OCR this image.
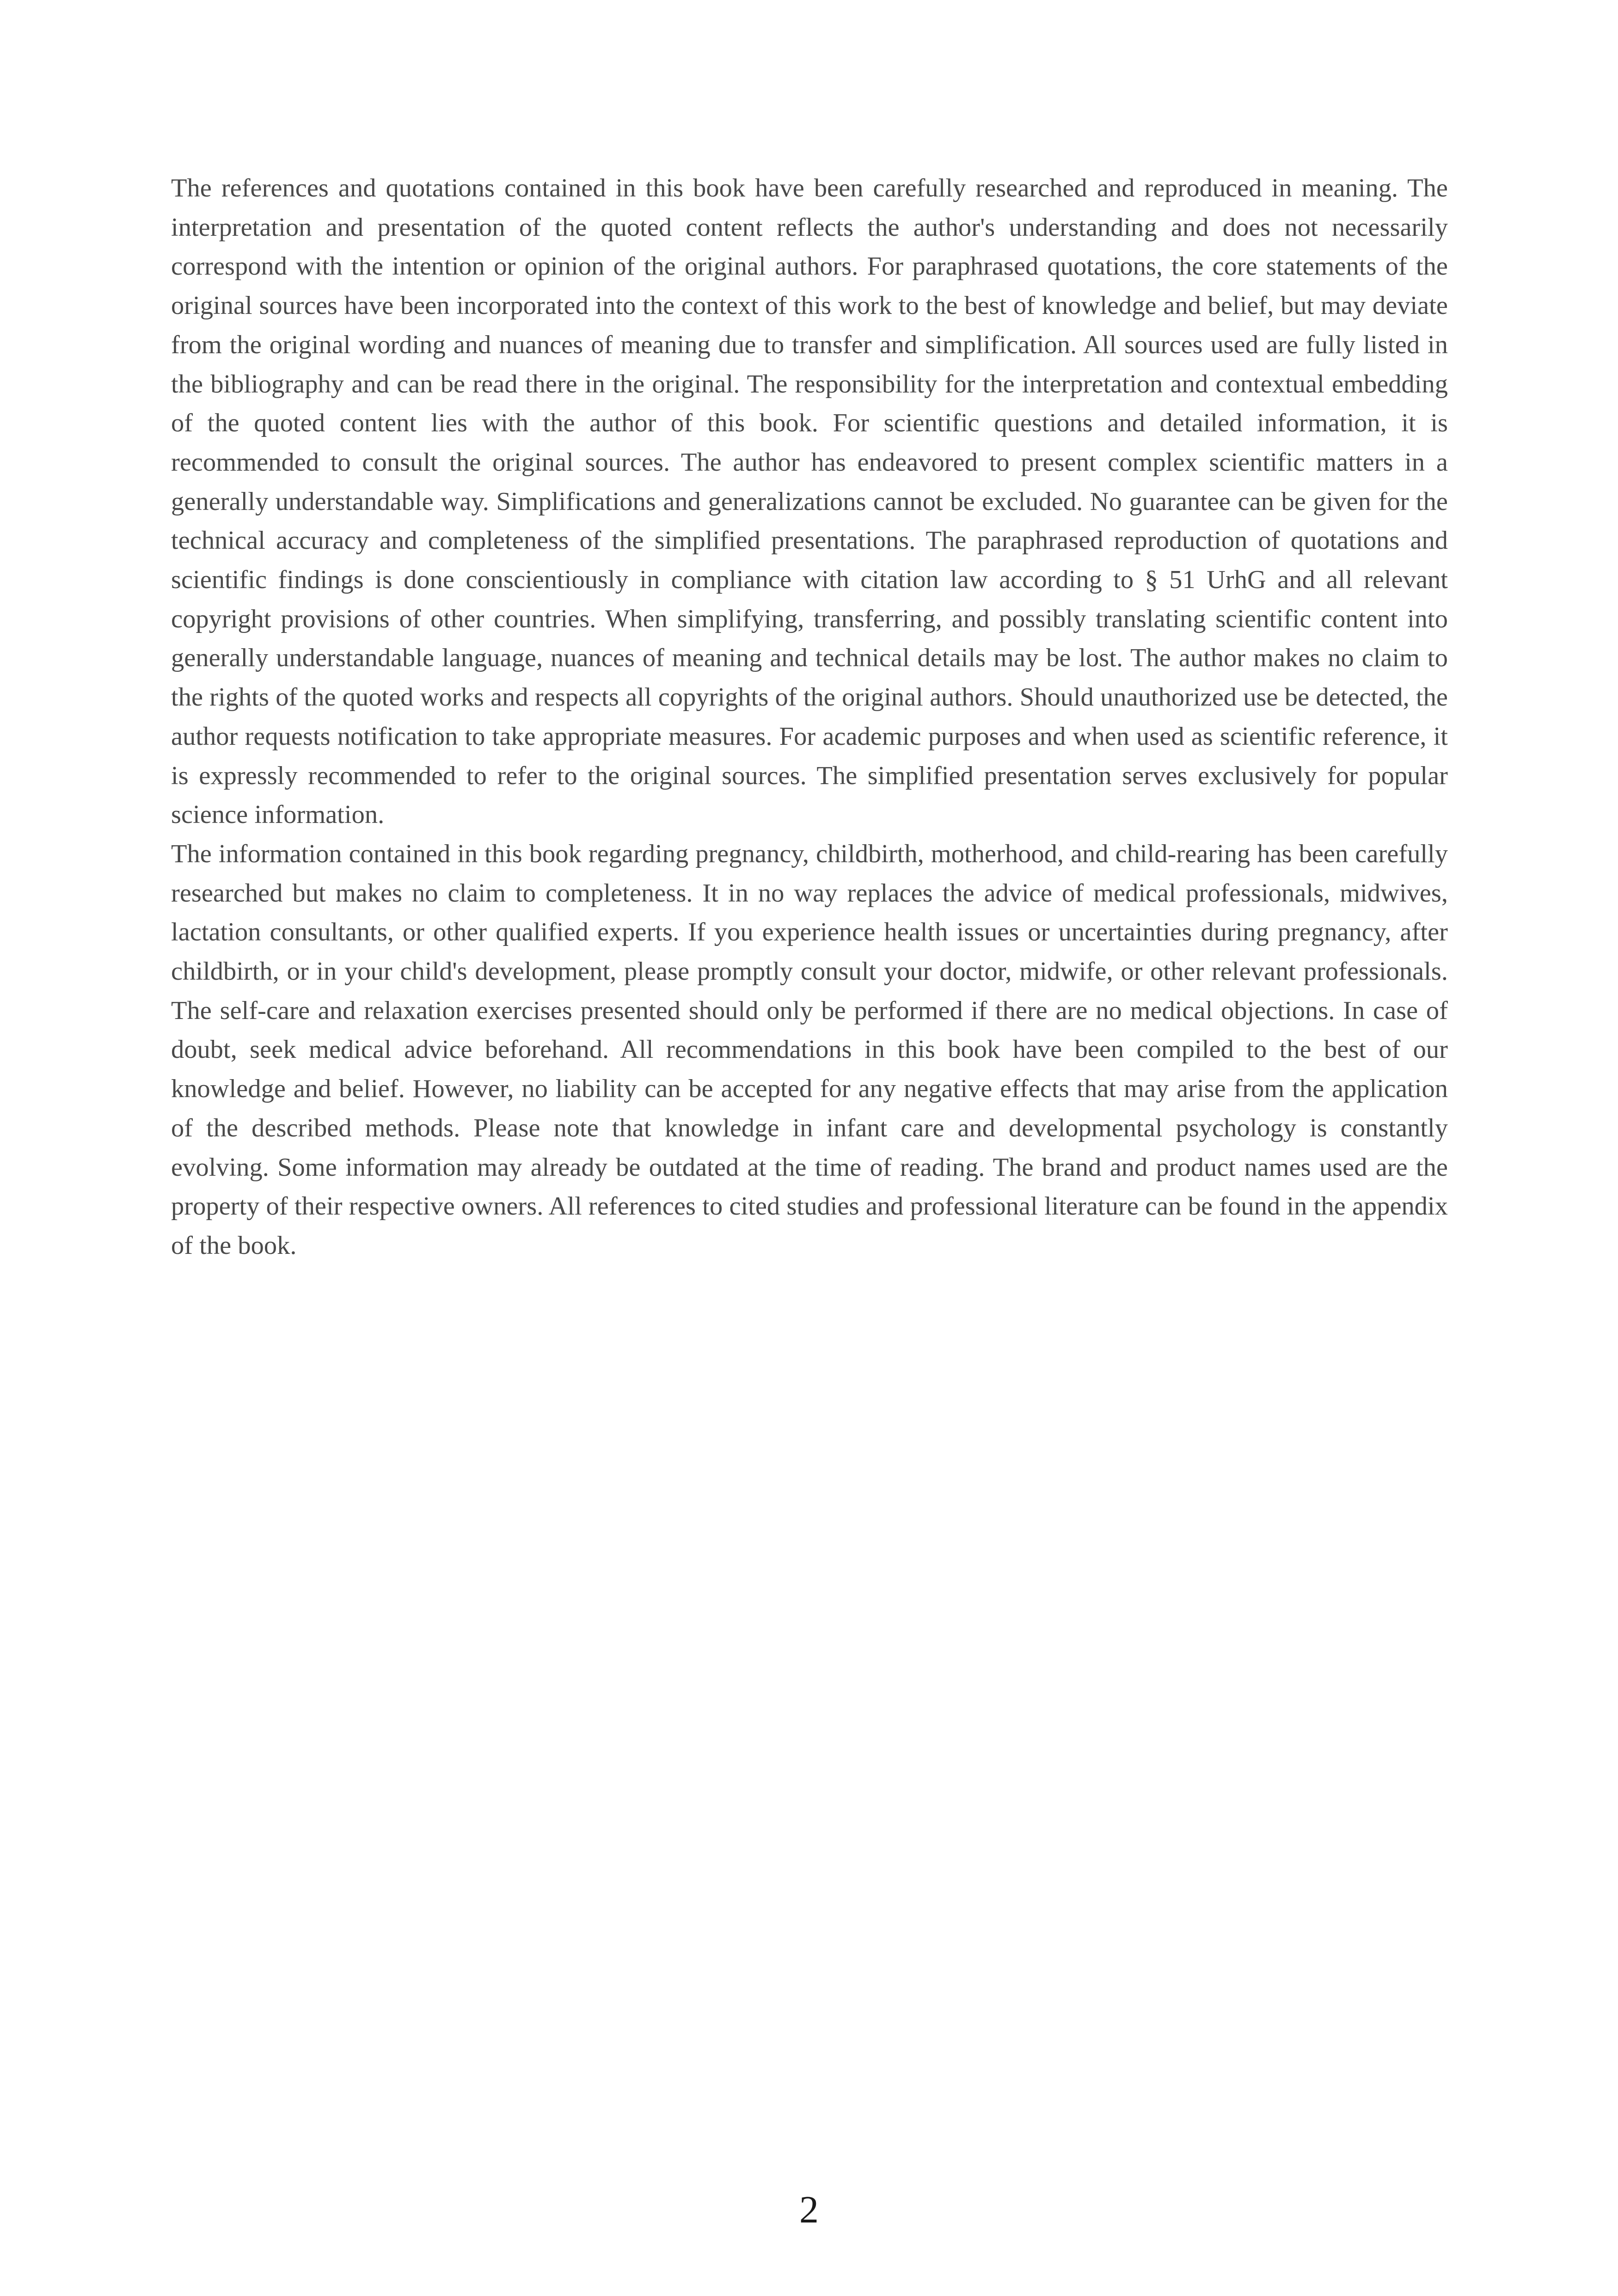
The references and quotations contained in this book have been carefully researched and reproduced in meaning. The interpretation and presentation of the quoted content reflects the author's understanding and does not necessarily correspond with the intention or opinion of the original authors. For paraphrased quotations, the core statements of the original sources have been incorporated into the context of this work to the best of knowledge and belief, but may deviate from the original wording and nuances of meaning due to transfer and simplification. All sources used are fully listed in the bibliography and can be read there in the original. The responsibility for the interpretation and contextual embedding of the quoted content lies with the author of this book. For scientific questions and detailed information, it is recommended to consult the original sources. The author has endeavored to present complex scientific matters in a generally understandable way. Simplifications and generalizations cannot be excluded. No guarantee can be given for the technical accuracy and completeness of the simplified presentations. The paraphrased reproduction of quotations and scientific findings is done conscientiously in compliance with citation law according to § 51 UrhG and all relevant copyright provisions of other countries. When simplifying, transferring, and possibly translating scientific content into generally understandable language, nuances of meaning and technical details may be lost. The author makes no claim to the rights of the quoted works and respects all copyrights of the original authors. Should unauthorized use be detected, the author requests notification to take appropriate measures. For academic purposes and when used as scientific reference, it is expressly recommended to refer to the original sources. The simplified presentation serves exclusively for popular science information.

The information contained in this book regarding pregnancy, childbirth, motherhood, and child-rearing has been carefully researched but makes no claim to completeness. It in no way replaces the advice of medical professionals, midwives, lactation consultants, or other qualified experts. If you experience health issues or uncertainties during pregnancy, after childbirth, or in your child's development, please promptly consult your doctor, midwife, or other relevant professionals. The self-care and relaxation exercises presented should only be performed if there are no medical objections. In case of doubt, seek medical advice beforehand. All recommendations in this book have been compiled to the best of our knowledge and belief. However, no liability can be accepted for any negative effects that may arise from the application of the described methods. Please note that knowledge in infant care and developmental psychology is constantly evolving. Some information may already be outdated at the time of reading. The brand and product names used are the property of their respective owners. All references to cited studies and professional literature can be found in the appendix of the book.

2
